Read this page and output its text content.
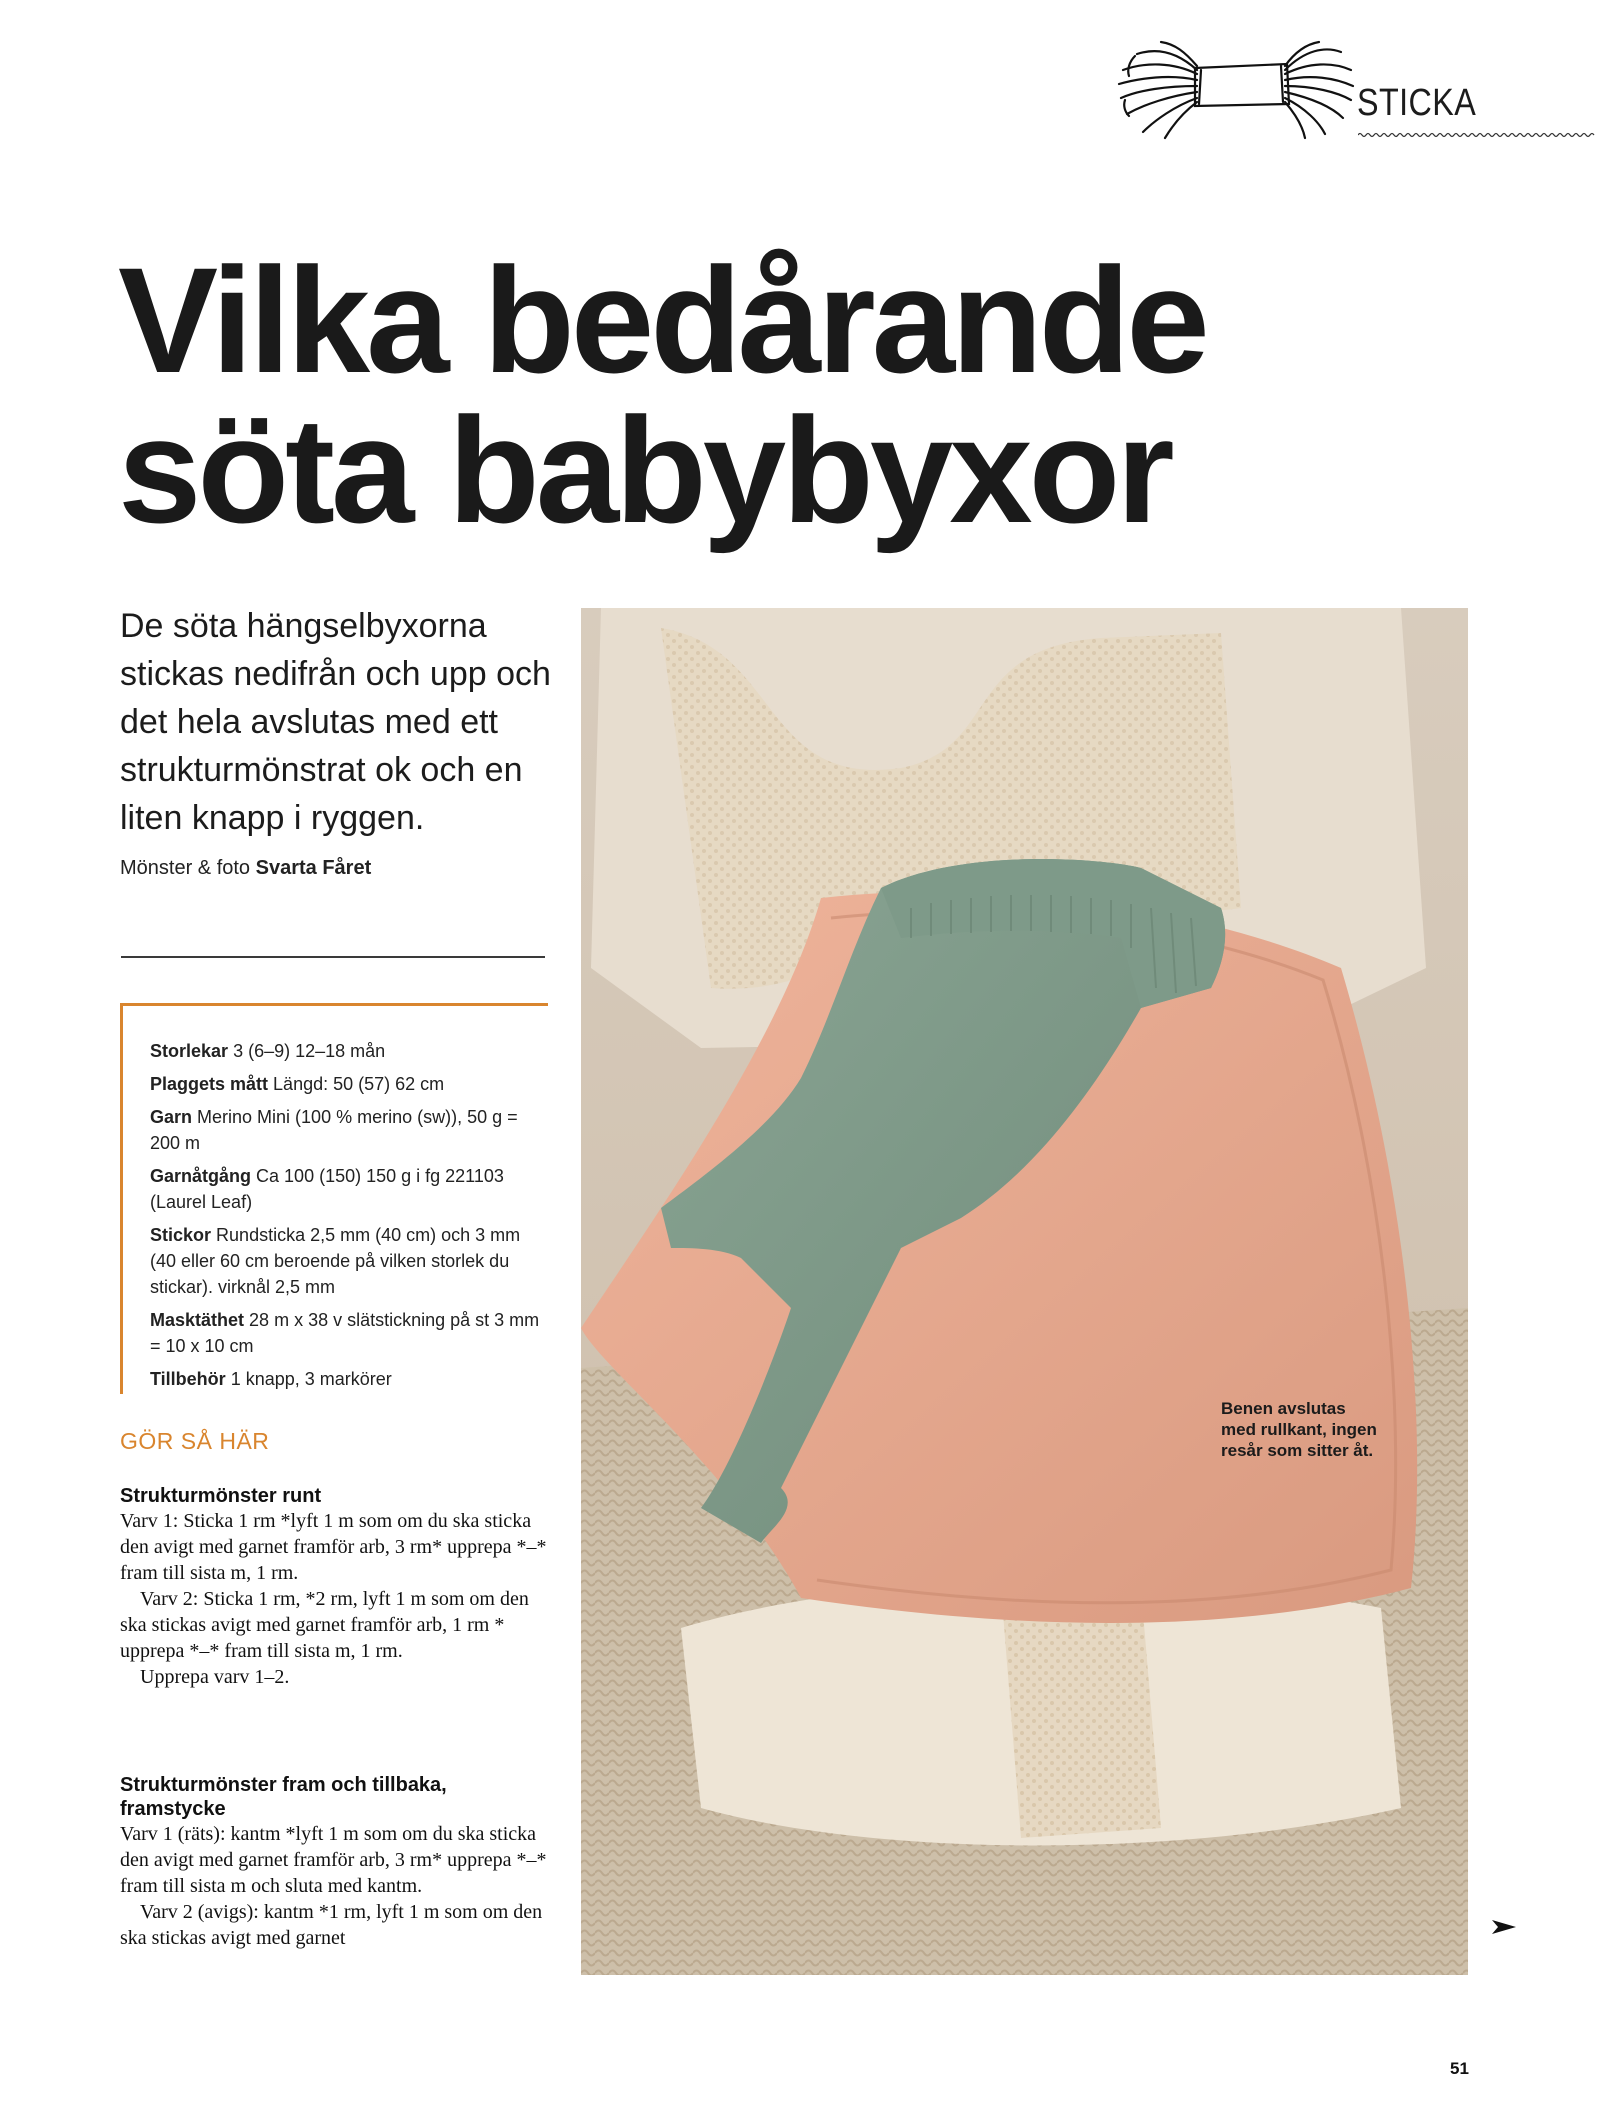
STICKA
Vilka bedårande
söta babybyxor

De söta hängselbyxorna stickas nedifrån och upp och det hela avslutas med ett strukturmönstrat ok och en liten knapp i ryggen.

Mönster & foto Svarta Fåret
Storlekar 3 (6–9) 12–18 mån
Plaggets mått Längd: 50 (57) 62 cm
Garn Merino Mini (100 % merino (sw)), 50 g = 200 m
Garnåtgång Ca 100 (150) 150 g i fg 221103 (Laurel Leaf)
Stickor Rundsticka 2,5 mm (40 cm) och 3 mm (40 eller 60 cm beroende på vilken storlek du stickar). virknål 2,5 mm
Masktäthet 28 m x 38 v slätstickning på st 3 mm = 10 x 10 cm
Tillbehör 1 knapp, 3 markörer
GÖR SÅ HÄR
Strukturmönster runt

Varv 1: Sticka 1 rm *lyft 1 m som om du ska sticka den avigt med garnet framför arb, 3 rm* upprepa *–* fram till sista m, 1 rm.

Varv 2: Sticka 1 rm, *2 rm, lyft 1 m som om den ska stickas avigt med garnet framför arb, 1 rm * upprepa *–* fram till sista m, 1 rm.

Upprepa varv 1–2.

Strukturmönster fram och tillbaka, framstycke

Varv 1 (räts): kantm *lyft 1 m som om du ska sticka den avigt med garnet framför arb, 3 rm* upprepa *–* fram till sista m och sluta med kantm.

Varv 2 (avigs): kantm *1 rm, lyft 1 m som om den ska stickas avigt med garnet

Benen avslutas med rullkant, ingen resår som sitter åt.
51
